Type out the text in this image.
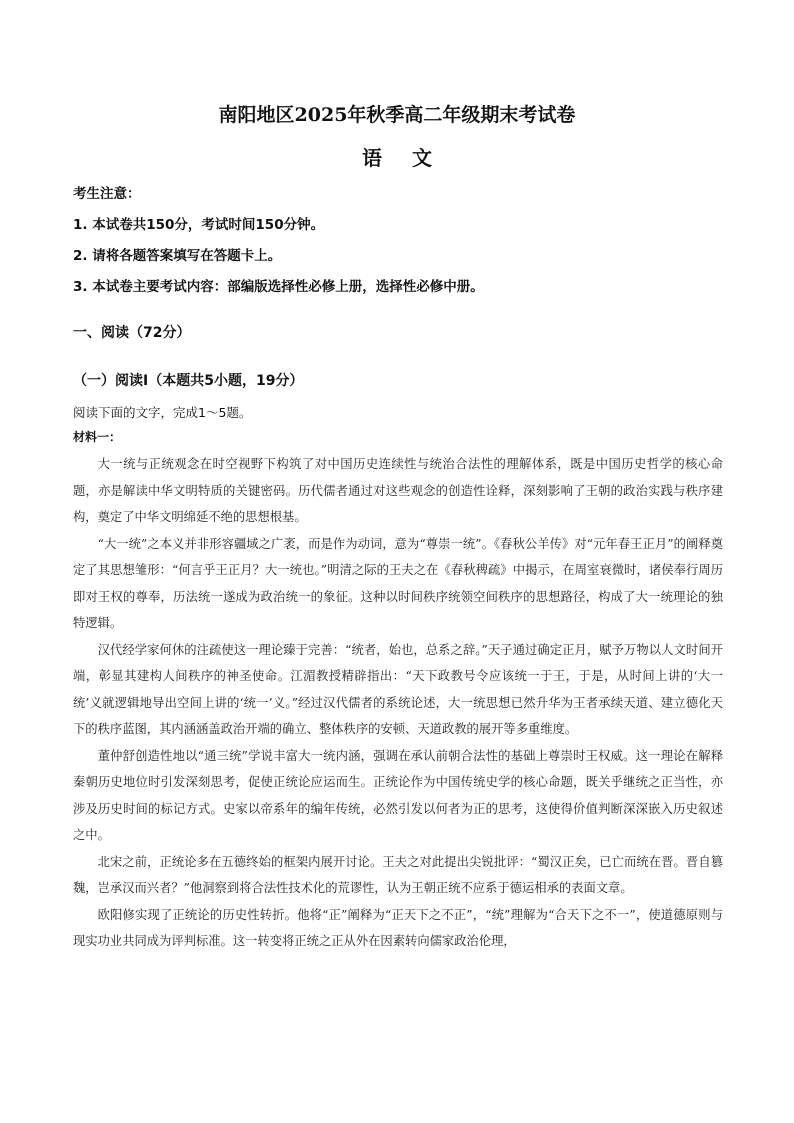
南阳地区2025年秋季高二年级期末考试卷
语文
考生注意：
1. 本试卷共150分，考试时间150分钟。
2. 请将各题答案填写在答题卡上。
3. 本试卷主要考试内容：部编版选择性必修上册，选择性必修中册。
一、阅读（72分）
（一）阅读Ⅰ（本题共5小题，19分）
阅读下面的文字，完成1～5题。
材料一：

大一统与正统观念在时空视野下构筑了对中国历史连续性与统治合法性的理解体系，既是中国历史哲学的核心命题，亦是解读中华文明特质的关键密码。历代儒者通过对这些观念的创造性诠释，深刻影响了王朝的政治实践与秩序建构，奠定了中华文明绵延不绝的思想根基。

“大一统”之本义并非形容疆域之广袤，而是作为动词，意为“尊崇一统”。《春秋公羊传》对“元年春王正月”的阐释奠定了其思想雏形：“何言乎王正月？大一统也。”明清之际的王夫之在《春秋稗疏》中揭示，在周室衰微时，诸侯奉行周历即对王权的尊奉，历法统一遂成为政治统一的象征。这种以时间秩序统领空间秩序的思想路径，构成了大一统理论的独特逻辑。

汉代经学家何休的注疏使这一理论臻于完善：“统者，始也，总系之辞。”天子通过确定正月，赋予万物以人文时间开端，彰显其建构人间秩序的神圣使命。江湄教授精辟指出：“天下政教号令应该统一于王，于是，从时间上讲的‘大一统’义就逻辑地导出空间上讲的‘统一’义。”经过汉代儒者的系统论述，大一统思想已然升华为王者承续天道、建立德化天下的秩序蓝图，其内涵涵盖政治开端的确立、整体秩序的安顿、天道政教的展开等多重维度。

董仲舒创造性地以“通三统”学说丰富大一统内涵，强调在承认前朝合法性的基础上尊崇时王权威。这一理论在解释秦朝历史地位时引发深刻思考，促使正统论应运而生。正统论作为中国传统史学的核心命题，既关乎继统之正当性，亦涉及历史时间的标记方式。史家以帝系年的编年传统，必然引发以何者为正的思考，这使得价值判断深深嵌入历史叙述之中。

北宋之前，正统论多在五德终始的框架内展开讨论。王夫之对此提出尖锐批评：“蜀汉正矣，已亡而统在晋。晋自篡魏，岂承汉而兴者？”他洞察到将合法性技术化的荒谬性，认为王朝正统不应系于德运相承的表面文章。

欧阳修实现了正统论的历史性转折。他将“正”阐释为“正天下之不正”，“统”理解为“合天下之不一”，使道德原则与现实功业共同成为评判标准。这一转变将正统之正从外在因素转向儒家政治伦理，
